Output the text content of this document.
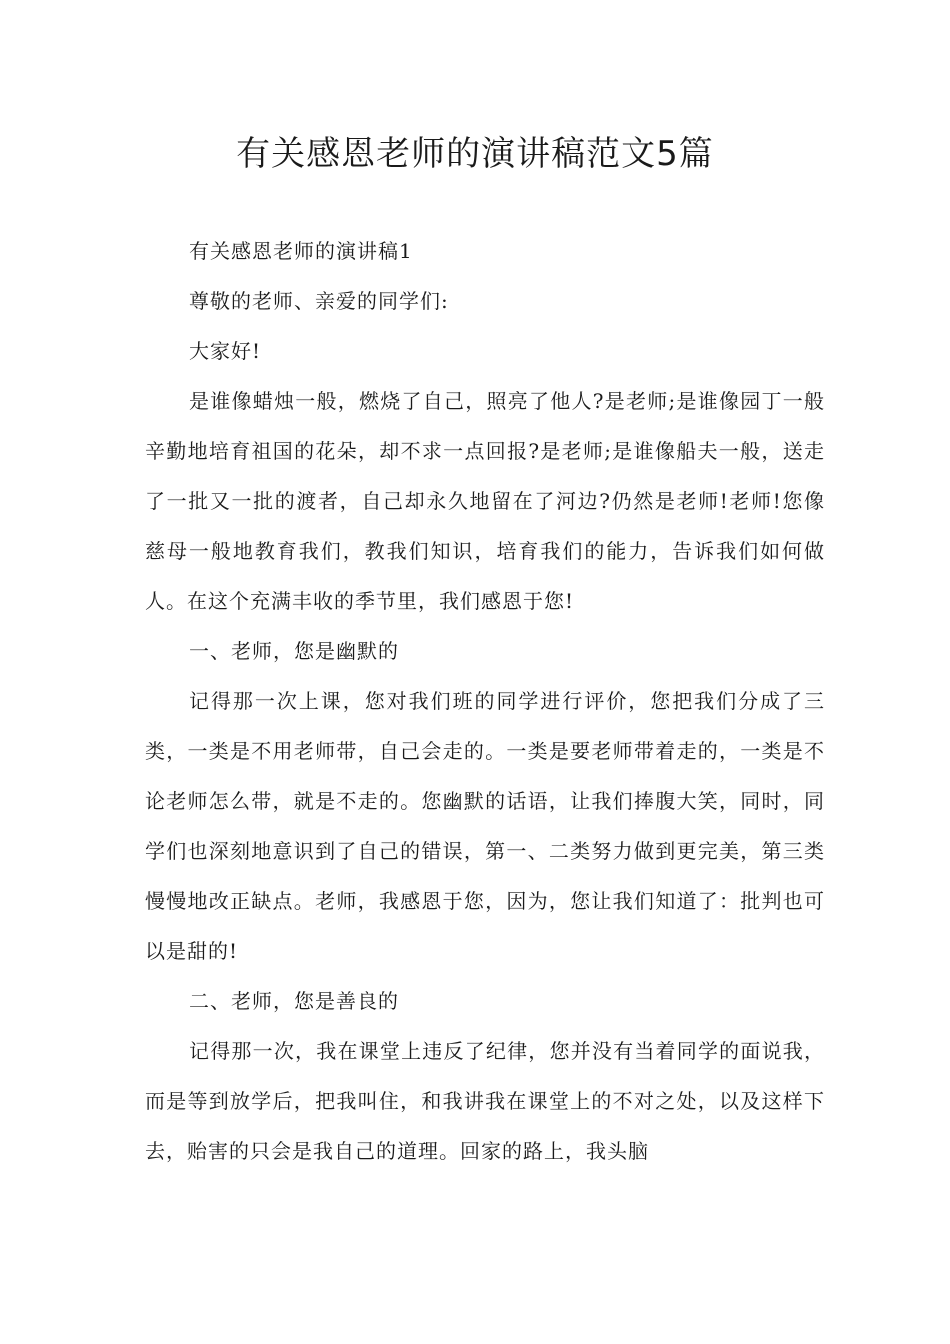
有关感恩老师的演讲稿范文5篇

有关感恩老师的演讲稿1

尊敬的老师、亲爱的同学们:

大家好!

是谁像蜡烛一般，燃烧了自己，照亮了他人?是老师;是谁像园丁一般辛勤地培育祖国的花朵，却不求一点回报?是老师;是谁像船夫一般，送走了一批又一批的渡者，自己却永久地留在了河边?仍然是老师!老师!您像慈母一般地教育我们，教我们知识，培育我们的能力，告诉我们如何做人。在这个充满丰收的季节里，我们感恩于您!

一、老师，您是幽默的

记得那一次上课，您对我们班的同学进行评价，您把我们分成了三类，一类是不用老师带，自己会走的。一类是要老师带着走的，一类是不论老师怎么带，就是不走的。您幽默的话语，让我们捧腹大笑，同时，同学们也深刻地意识到了自己的错误，第一、二类努力做到更完美，第三类慢慢地改正缺点。老师，我感恩于您，因为，您让我们知道了：批判也可以是甜的!

二、老师，您是善良的

记得那一次，我在课堂上违反了纪律，您并没有当着同学的面说我，而是等到放学后，把我叫住，和我讲我在课堂上的不对之处，以及这样下去，贻害的只会是我自己的道理。回家的路上，我头脑
